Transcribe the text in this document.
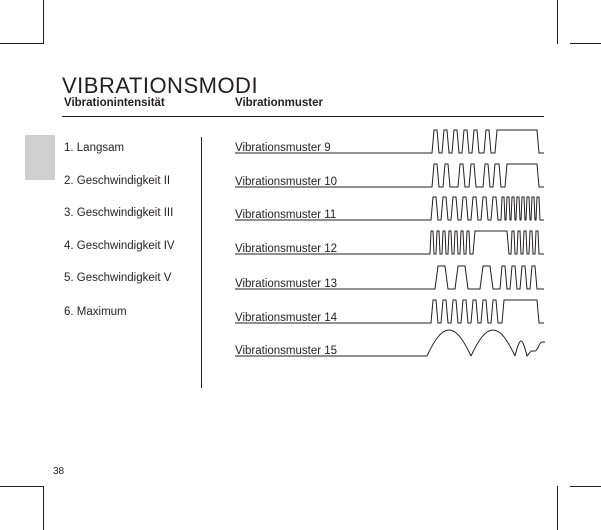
VIBRATIONSMODI
Vibrationintensität	Vibrationmuster
1. Langsam
2. Geschwindigkeit II
3. Geschwindigkeit III
4. Geschwindigkeit IV
5. Geschwindigkeit V
6. Maximum
Vibrationsmuster 9
Vibrationsmuster 10
Vibrationsmuster 11
Vibrationsmuster 12
Vibrationsmuster 13
Vibrationsmuster 14
Vibrationsmuster 15
38
